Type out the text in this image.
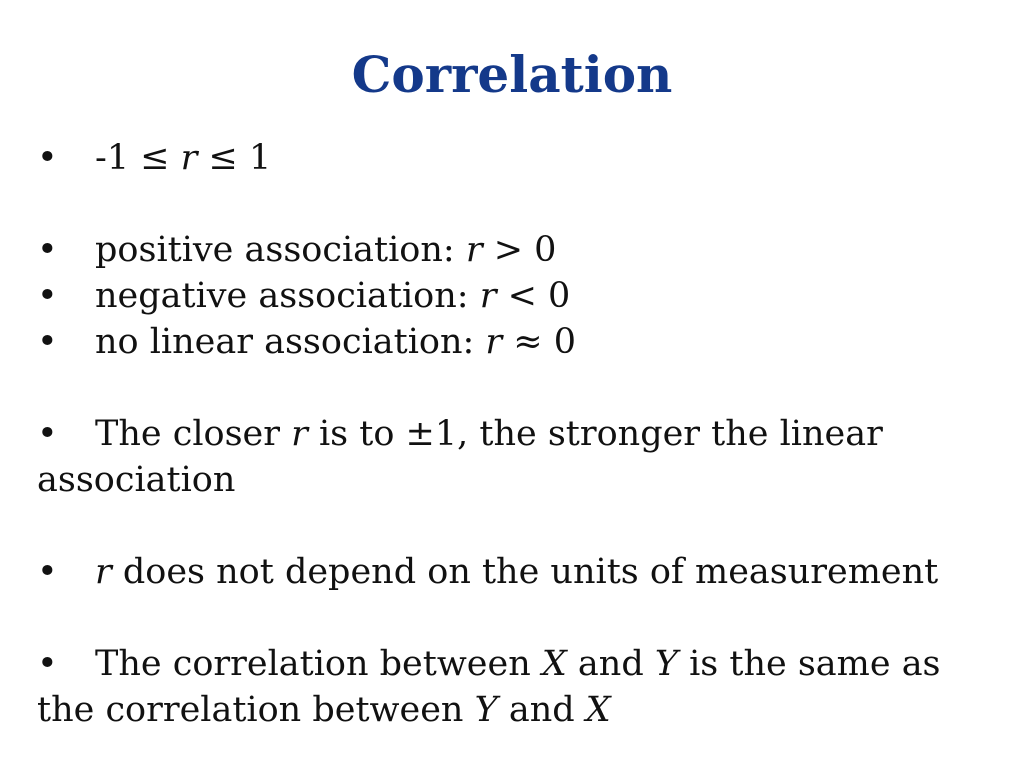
Correlation
• -1 ≤ r ≤ 1
• positive association: r > 0
• negative association: r < 0
• no linear association: r ≈ 0
• The closer r is to ±1, the stronger the linear
association
• r does not depend on the units of measurement
• The correlation between X and Y is the same as
the correlation between Y and X
